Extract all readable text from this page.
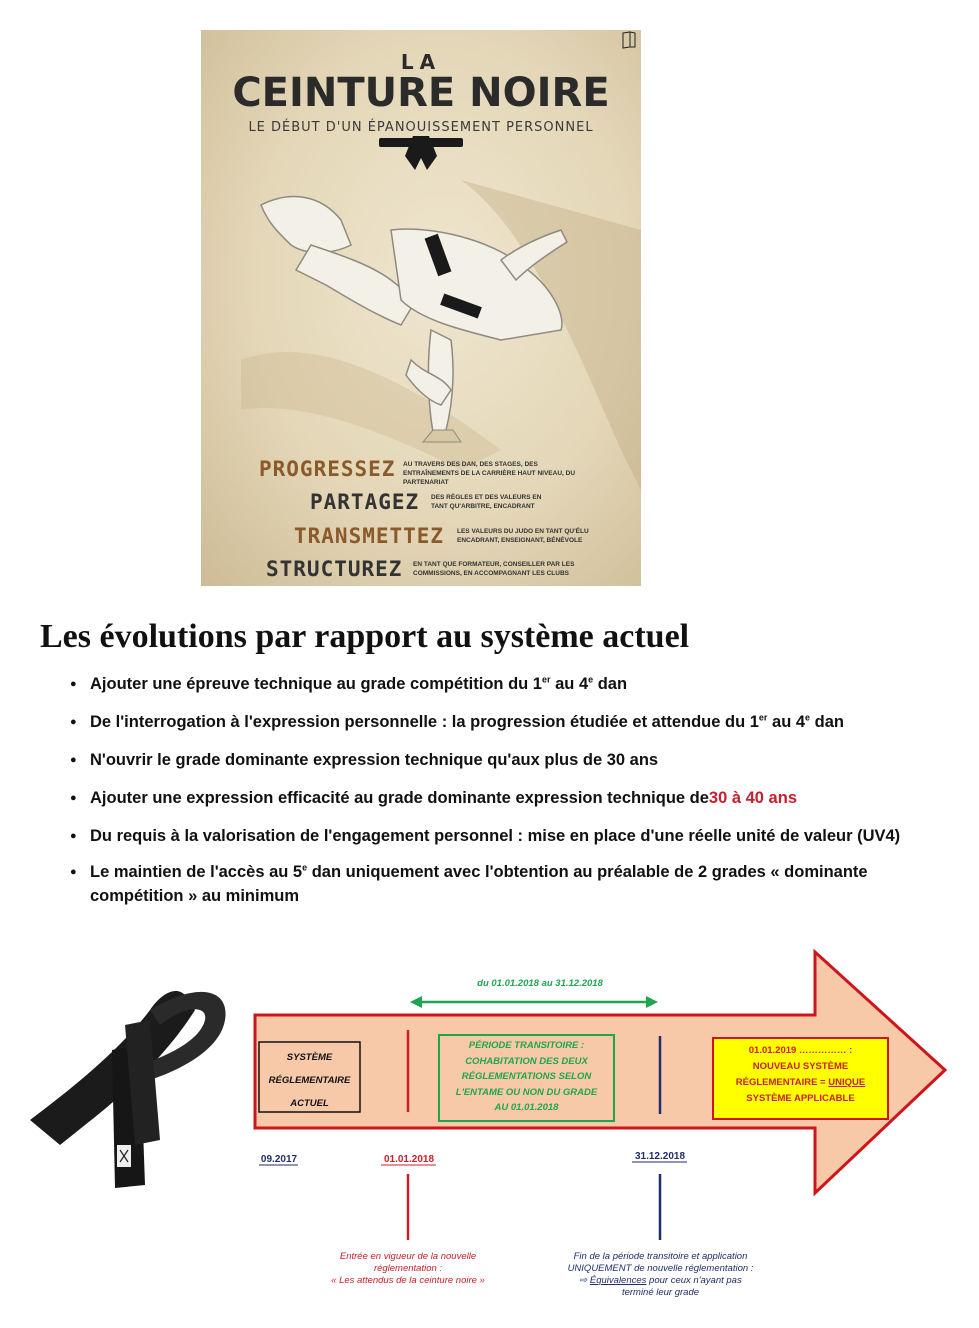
LA
CEINTURE NOIRE
LE DÉBUT D'UN ÉPANOUISSEMENT PERSONNEL
PROGRESSEZ AU TRAVERS DES DAN, DES STAGES, DES ENTRAÎNEMENTS DE LA CARRIÈRE HAUT NIVEAU, DU PARTENARIAT
PARTAGEZ DES RÈGLES ET DES VALEURS EN TANT QU'ARBITRE, ENCADRANT
TRANSMETTEZ LES VALEURS DU JUDO EN TANT QU'ÉLU ENCADRANT, ENSEIGNANT, BÉNÉVOLE
STRUCTUREZ EN TANT QUE FORMATEUR, CONSEILLER PAR LES COMMISSIONS, EN ACCOMPAGNANT LES CLUBS
Les évolutions par rapport au système actuel
● Ajouter une épreuve technique au grade compétition du 1er au 4e dan
● De l'interrogation à l'expression personnelle : la progression étudiée et attendue du 1er au 4e dan
● N'ouvrir le grade dominante expression technique qu'aux plus de 30 ans
● Ajouter une expression efficacité au grade dominante expression technique de30 à 40 ans
● Du requis à la valorisation de l'engagement personnel : mise en place d'une réelle unité de valeur (UV4)
● Le maintien de l'accès au 5e dan uniquement avec l'obtention au préalable de 2 grades « dominante compétition » au minimum
du 01.01.2018 au 31.12.2018
SYSTÈME
RÉGLEMENTAIRE
ACTUEL
PÉRIODE TRANSITOIRE :
COHABITATION DES DEUX
RÉGLEMENTATIONS SELON
L'ENTAME OU NON DU GRADE
AU 01.01.2018
01.01.2019 …………… :
NOUVEAU SYSTÈME
RÉGLEMENTAIRE = UNIQUE
SYSTÈME APPLICABLE
09.2017	01.01.2018	31.12.2018
Entrée en vigueur de la nouvelle
réglementation :
« Les attendus de la ceinture noire »
Fin de la période transitoire et application
UNIQUEMENT de nouvelle réglementation :
⇨ Équivalences pour ceux n'ayant pas
terminé leur grade
